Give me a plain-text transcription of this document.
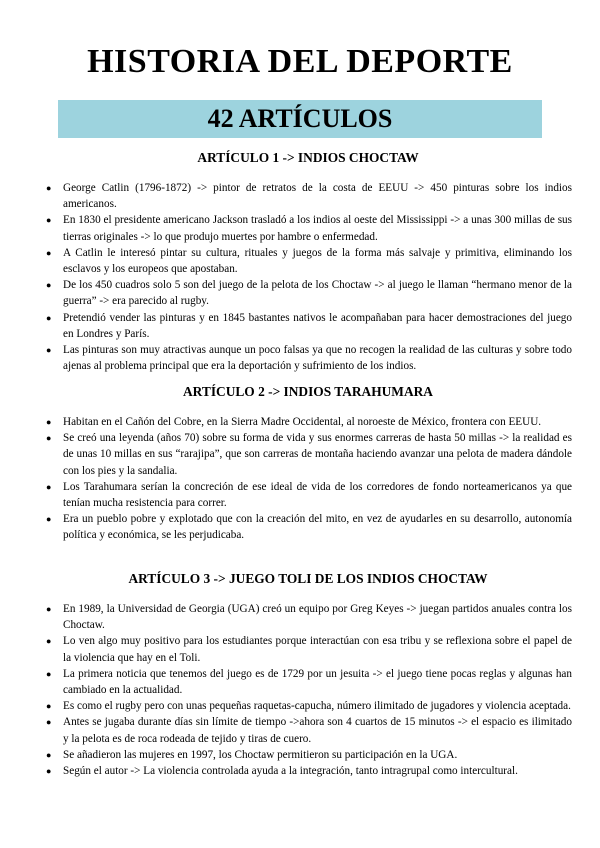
HISTORIA DEL DEPORTE
42 ARTÍCULOS
ARTÍCULO 1 -> INDIOS CHOCTAW
● George Catlin (1796-1872) -> pintor de retratos de la costa de EEUU -> 450 pinturas sobre los indios americanos.
● En 1830 el presidente americano Jackson trasladó a los indios al oeste del Mississippi -> a unas 300 millas de sus tierras originales -> lo que produjo muertes por hambre o enfermedad.
● A Catlin le interesó pintar su cultura, rituales y juegos de la forma más salvaje y primitiva, eliminando los esclavos y los europeos que apostaban.
● De los 450 cuadros solo 5 son del juego de la pelota de los Choctaw -> al juego le llaman “hermano menor de la guerra” -> era parecido al rugby.
● Pretendió vender las pinturas y en 1845 bastantes nativos le acompañaban para hacer demostraciones del juego en Londres y París.
● Las pinturas son muy atractivas aunque un poco falsas ya que no recogen la realidad de las culturas y sobre todo ajenas al problema principal que era la deportación y sufrimiento de los indios.
ARTÍCULO 2 -> INDIOS TARAHUMARA
● Habitan en el Cañón del Cobre, en la Sierra Madre Occidental, al noroeste de México, frontera con EEUU.
● Se creó una leyenda (años 70) sobre su forma de vida y sus enormes carreras de hasta 50 millas -> la realidad es de unas 10 millas en sus “rarajipa”, que son carreras de montaña haciendo avanzar una pelota de madera dándole con los pies y la sandalia.
● Los Tarahumara serían la concreción de ese ideal de vida de los corredores de fondo norteamericanos ya que tenían mucha resistencia para correr.
● Era un pueblo pobre y explotado que con la creación del mito, en vez de ayudarles en su desarrollo, autonomía política y económica, se les perjudicaba.
ARTÍCULO 3 -> JUEGO TOLI DE LOS INDIOS CHOCTAW
● En 1989, la Universidad de Georgia (UGA) creó un equipo por Greg Keyes -> juegan partidos anuales contra los Choctaw.
● Lo ven algo muy positivo para los estudiantes porque interactúan con esa tribu y se reflexiona sobre el papel de la violencia que hay en el Toli.
● La primera noticia que tenemos del juego es de 1729 por un jesuita -> el juego tiene pocas reglas y algunas han cambiado en la actualidad.
● Es como el rugby pero con unas pequeñas raquetas-capucha, número ilimitado de jugadores y violencia aceptada.
● Antes se jugaba durante días sin límite de tiempo ->ahora son 4 cuartos de 15 minutos -> el espacio es ilimitado y la pelota es de roca rodeada de tejido y tiras de cuero.
● Se añadieron las mujeres en 1997, los Choctaw permitieron su participación en la UGA.
● Según el autor -> La violencia controlada ayuda a la integración, tanto intragrupal como intercultural.
